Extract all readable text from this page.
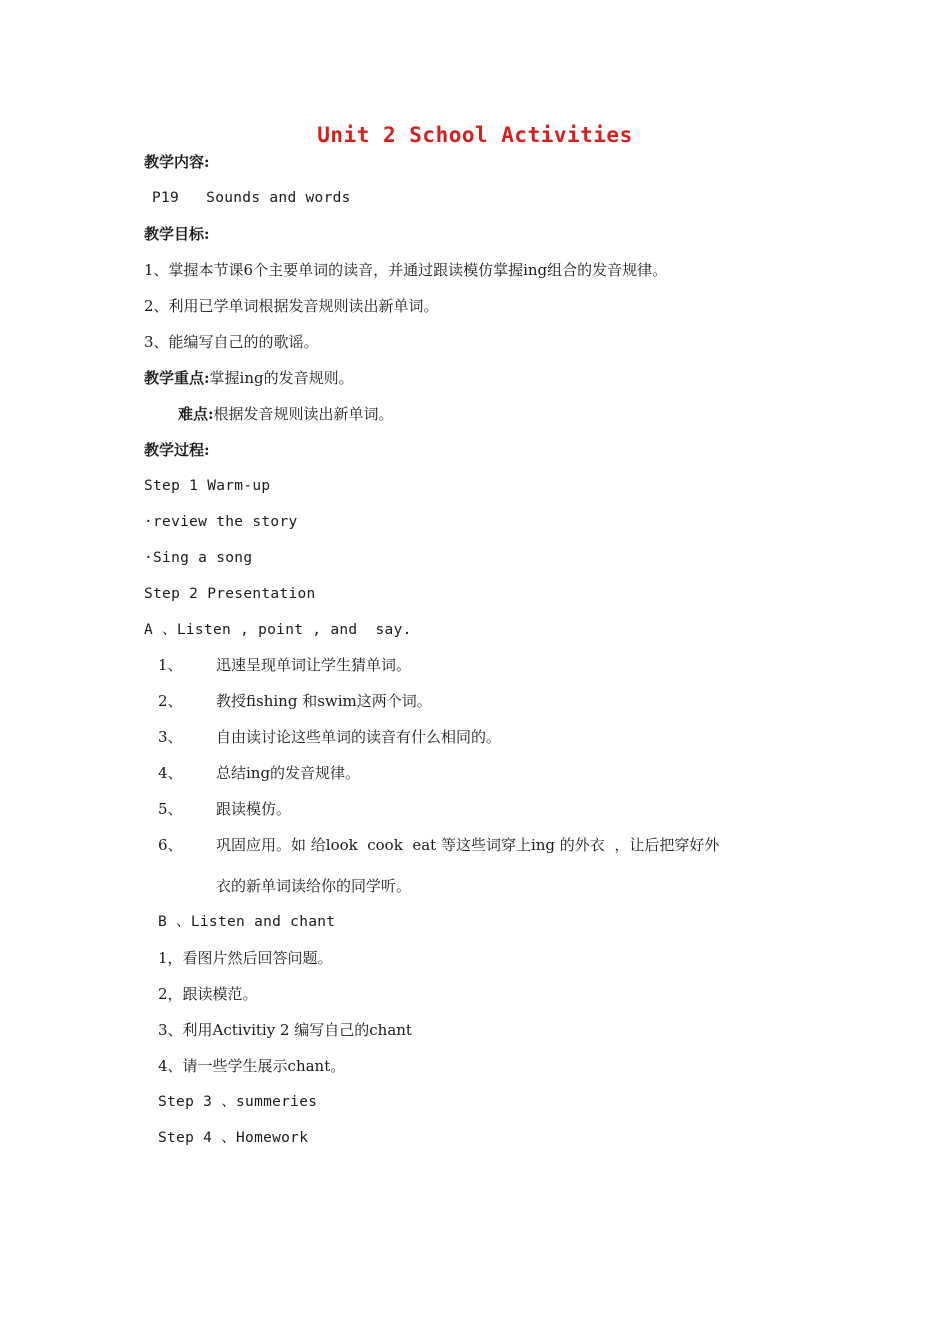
Unit 2 School Activities
教学内容:
P19   Sounds and words
教学目标:
1、掌握本节课6个主要单词的读音，并通过跟读模仿掌握ing组合的发音规律。
2、利用已学单词根据发音规则读出新单词。
3、能编写自己的的歌谣。
教学重点:掌握ing的发音规则。
难点:根据发音规则读出新单词。
教学过程:
Step 1 Warm-up
·review the story
·Sing a song
Step 2 Presentation
A 、Listen , point , and  say.
1、 迅速呈现单词让学生猜单词。
2、 教授fishing 和swim这两个词。
3、 自由读讨论这些单词的读音有什么相同的。
4、 总结ing的发音规律。
5、 跟读模仿。
6、 巩固应用。如 给look  cook  eat 等这些词穿上ing 的外衣  ，让后把穿好外
衣的新单词读给你的同学听。
B 、Listen and chant
1，看图片然后回答问题。
2，跟读模范。
3、利用Activitiy 2 编写自己的chant
4、请一些学生展示chant。
Step 3 、summeries
Step 4 、Homework
